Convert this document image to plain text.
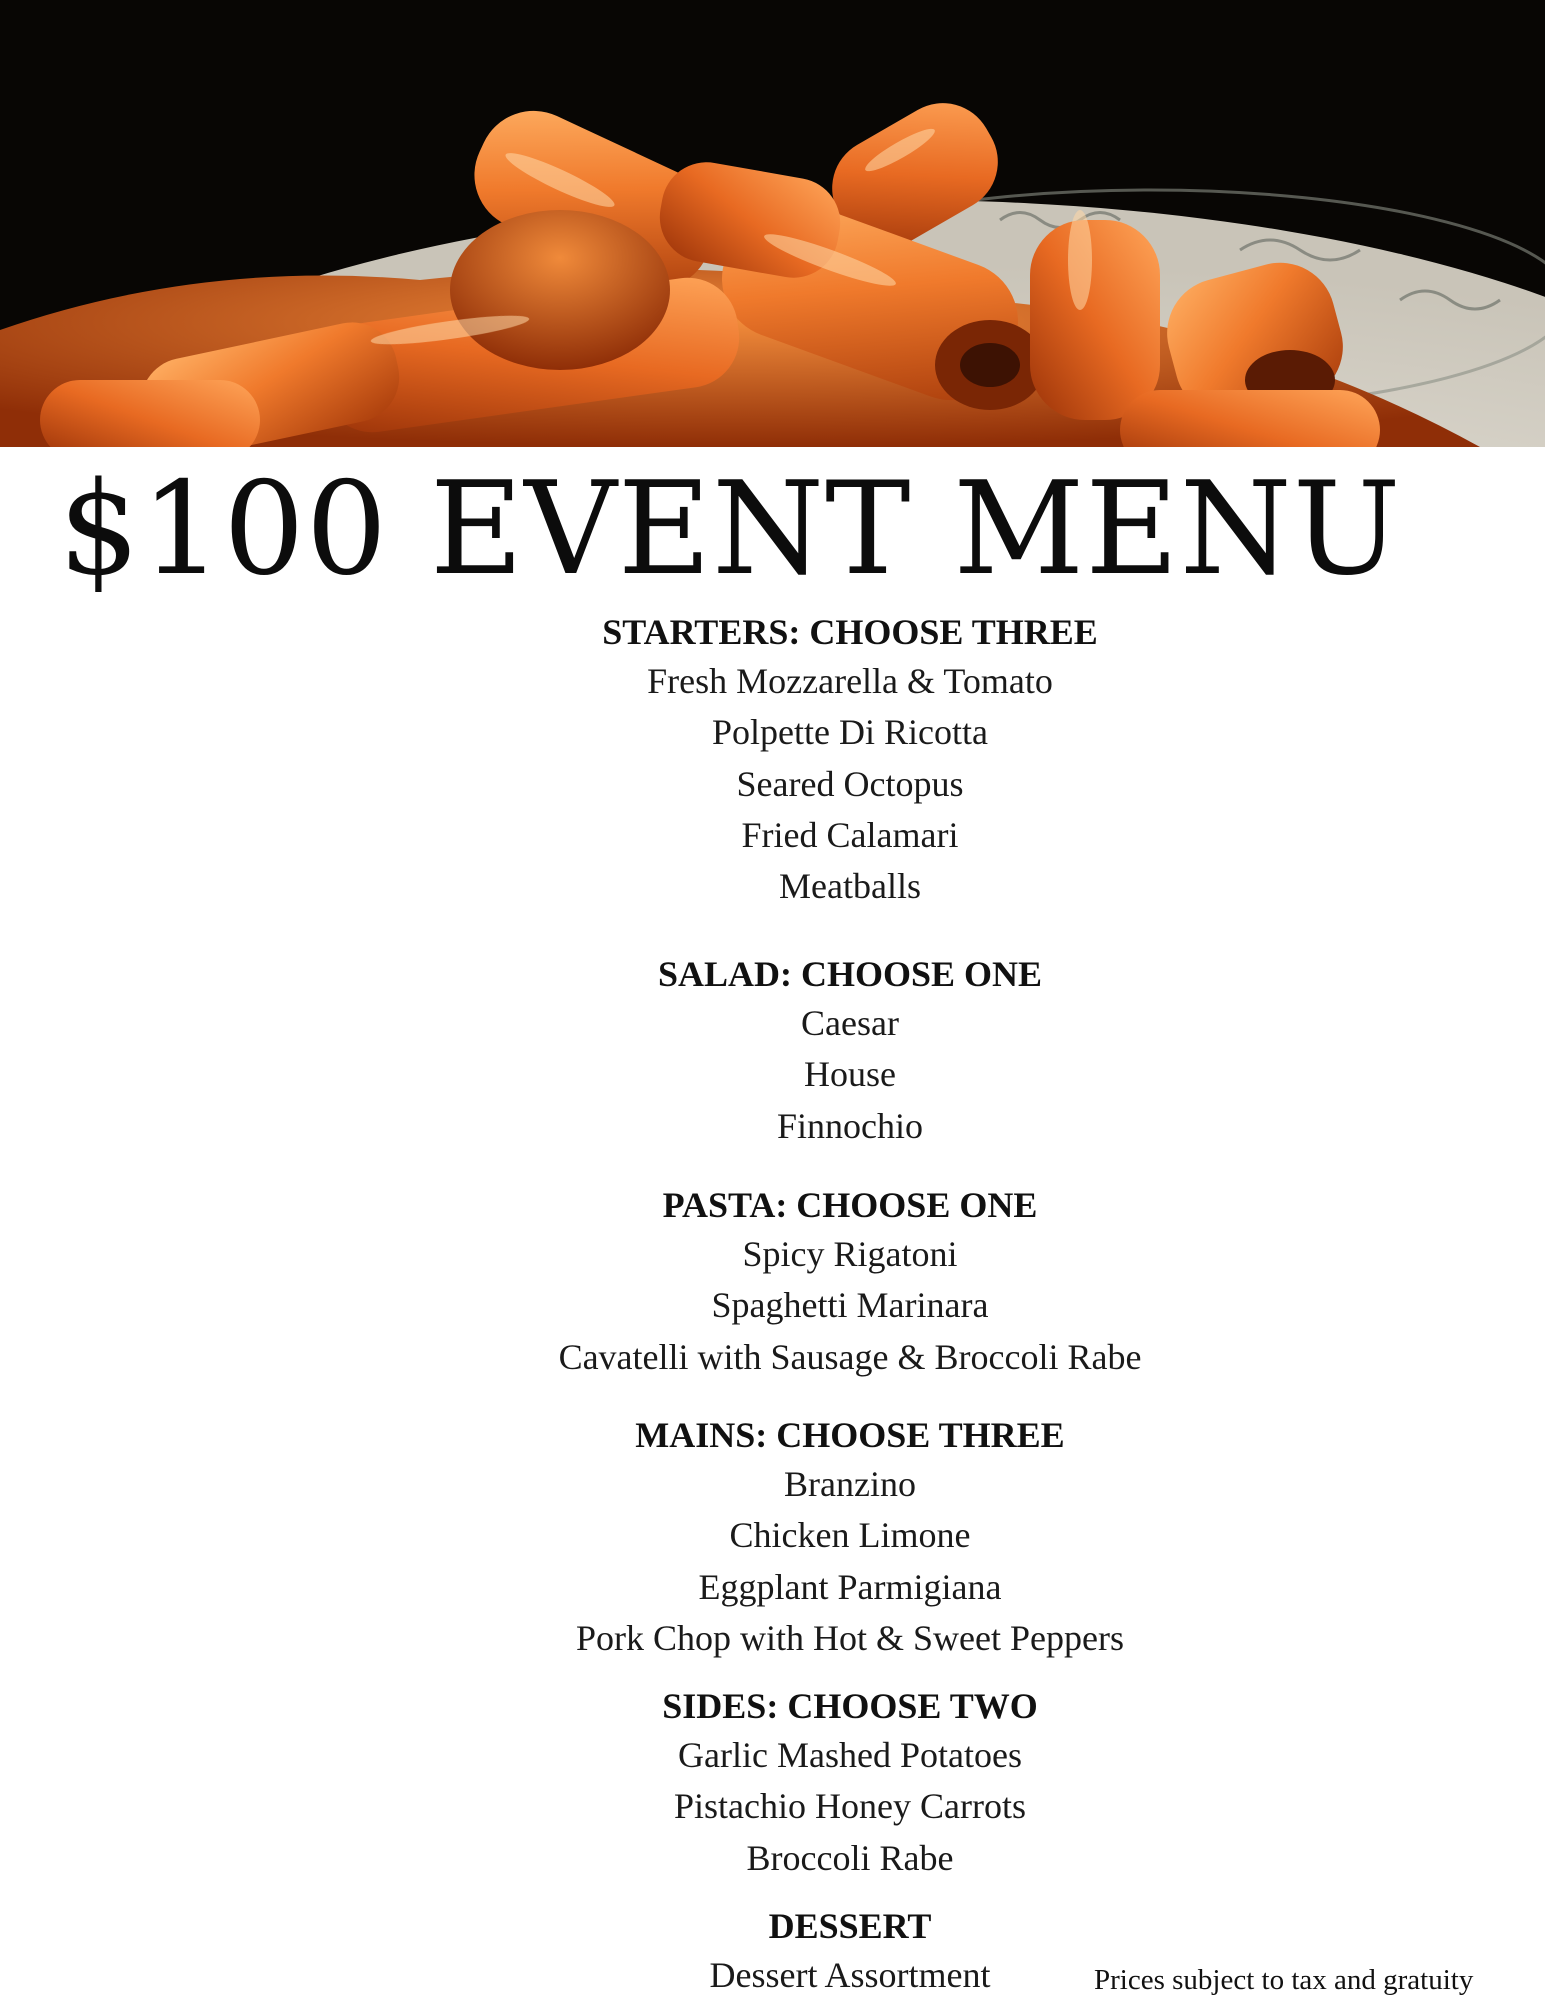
$100 EVENT MENU
STARTERS: CHOOSE THREE
Fresh Mozzarella & Tomato
Polpette Di Ricotta
Seared Octopus
Fried Calamari
Meatballs
SALAD: CHOOSE ONE
Caesar
House
Finnochio
PASTA: CHOOSE ONE
Spicy Rigatoni
Spaghetti Marinara
Cavatelli with Sausage & Broccoli Rabe
MAINS: CHOOSE THREE
Branzino
Chicken Limone
Eggplant Parmigiana
Pork Chop with Hot & Sweet Peppers
SIDES: CHOOSE TWO
Garlic Mashed Potatoes
Pistachio Honey Carrots
Broccoli Rabe
DESSERT
Dessert Assortment	Prices subject to tax and gratuity
